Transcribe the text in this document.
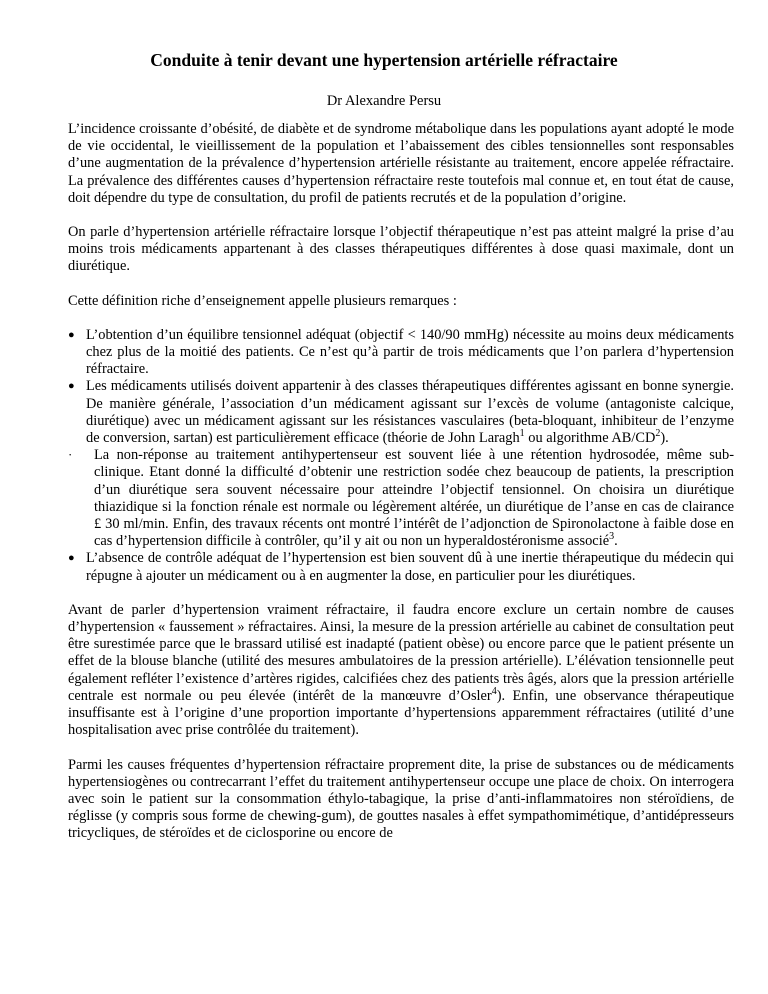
Conduite à tenir devant une hypertension artérielle réfractaire
Dr Alexandre Persu

L’incidence croissante d’obésité, de diabète et de syndrome métabolique dans les populations ayant adopté le mode de vie occidental, le vieillissement de la population et l’abaissement des cibles tensionnelles sont responsables d’une augmentation de la prévalence d’hypertension artérielle résistante au traitement, encore appelée réfractaire. La prévalence des différentes causes d’hypertension réfractaire reste toutefois mal connue et, en tout état de cause, doit dépendre du type de consultation, du profil de patients recrutés et de la population d’origine.

On parle d’hypertension artérielle réfractaire lorsque l’objectif thérapeutique n’est pas atteint malgré la prise d’au moins trois médicaments appartenant à des classes thérapeutiques différentes à dose quasi maximale, dont un diurétique.

Cette définition riche d’enseignement appelle plusieurs remarques :

● L’obtention d’un équilibre tensionnel adéquat (objectif < 140/90 mmHg) nécessite au moins deux médicaments chez plus de la moitié des patients. Ce n’est qu’à partir de trois médicaments que l’on parlera d’hypertension réfractaire.
● Les médicaments utilisés doivent appartenir à des classes thérapeutiques différentes agissant en bonne synergie. De manière générale, l’association d’un médicament agissant sur l’excès de volume (antagoniste calcique, diurétique) avec un médicament agissant sur les résistances vasculaires (beta-bloquant, inhibiteur de l’enzyme de conversion, sartan) est particulièrement efficace (théorie de John Laragh$^1$ ou algorithme $AB/CD^2$).
·	La non-réponse au traitement antihypertenseur est souvent liée à une rétention hydrosodée, même sub-clinique. Etant donné la difficulté d’obtenir une restriction sodée chez beaucoup de patients, la prescription d’un diurétique sera souvent nécessaire pour atteindre l’objectif tensionnel. On choisira un diurétique thiazidique si la fonction rénale est normale ou légèrement altérée, un diurétique de l’anse en cas de clairance £ 30 ml/min. Enfin, des travaux récents ont montré l’intérêt de l’adjonction de Spironolactone à faible dose en cas d’hypertension difficile à contrôler, qu’il y ait ou non un hyperaldostéronisme associé$^3$.
● L’absence de contrôle adéquat de l’hypertension est bien souvent dû à une inertie thérapeutique du médecin qui répugne à ajouter un médicament ou à en augmenter la dose, en particulier pour les diurétiques.

Avant de parler d’hypertension vraiment réfractaire, il faudra encore exclure un certain nombre de causes d’hypertension « faussement » réfractaires. Ainsi, la mesure de la pression artérielle au cabinet de consultation peut être surestimée parce que le brassard utilisé est inadapté (patient obèse) ou encore parce que le patient présente un effet de la blouse blanche (utilité des mesures ambulatoires de la pression artérielle). L’élévation tensionnelle peut également refléter l’existence d’artères rigides, calcifiées chez des patients très âgés, alors que la pression artérielle centrale est normale ou peu élevée (intérêt de la manœuvre d’Osler$^4$). Enfin, une observance thérapeutique insuffisante est à l’origine d’une proportion importante d’hypertensions apparemment réfractaires (utilité d’une hospitalisation avec prise contrôlée du traitement).

Parmi les causes fréquentes d’hypertension réfractaire proprement dite, la prise de substances ou de médicaments hypertensiogènes ou contrecarrant l’effet du traitement antihypertenseur occupe une place de choix. On interrogera avec soin le patient sur la consommation éthylo-tabagique, la prise d’anti-inflammatoires non stéroïdiens, de réglisse (y compris sous forme de chewing-gum), de gouttes nasales à effet sympathomimétique, d’antidépresseurs tricycliques, de stéroïdes et de ciclosporine ou encore de
